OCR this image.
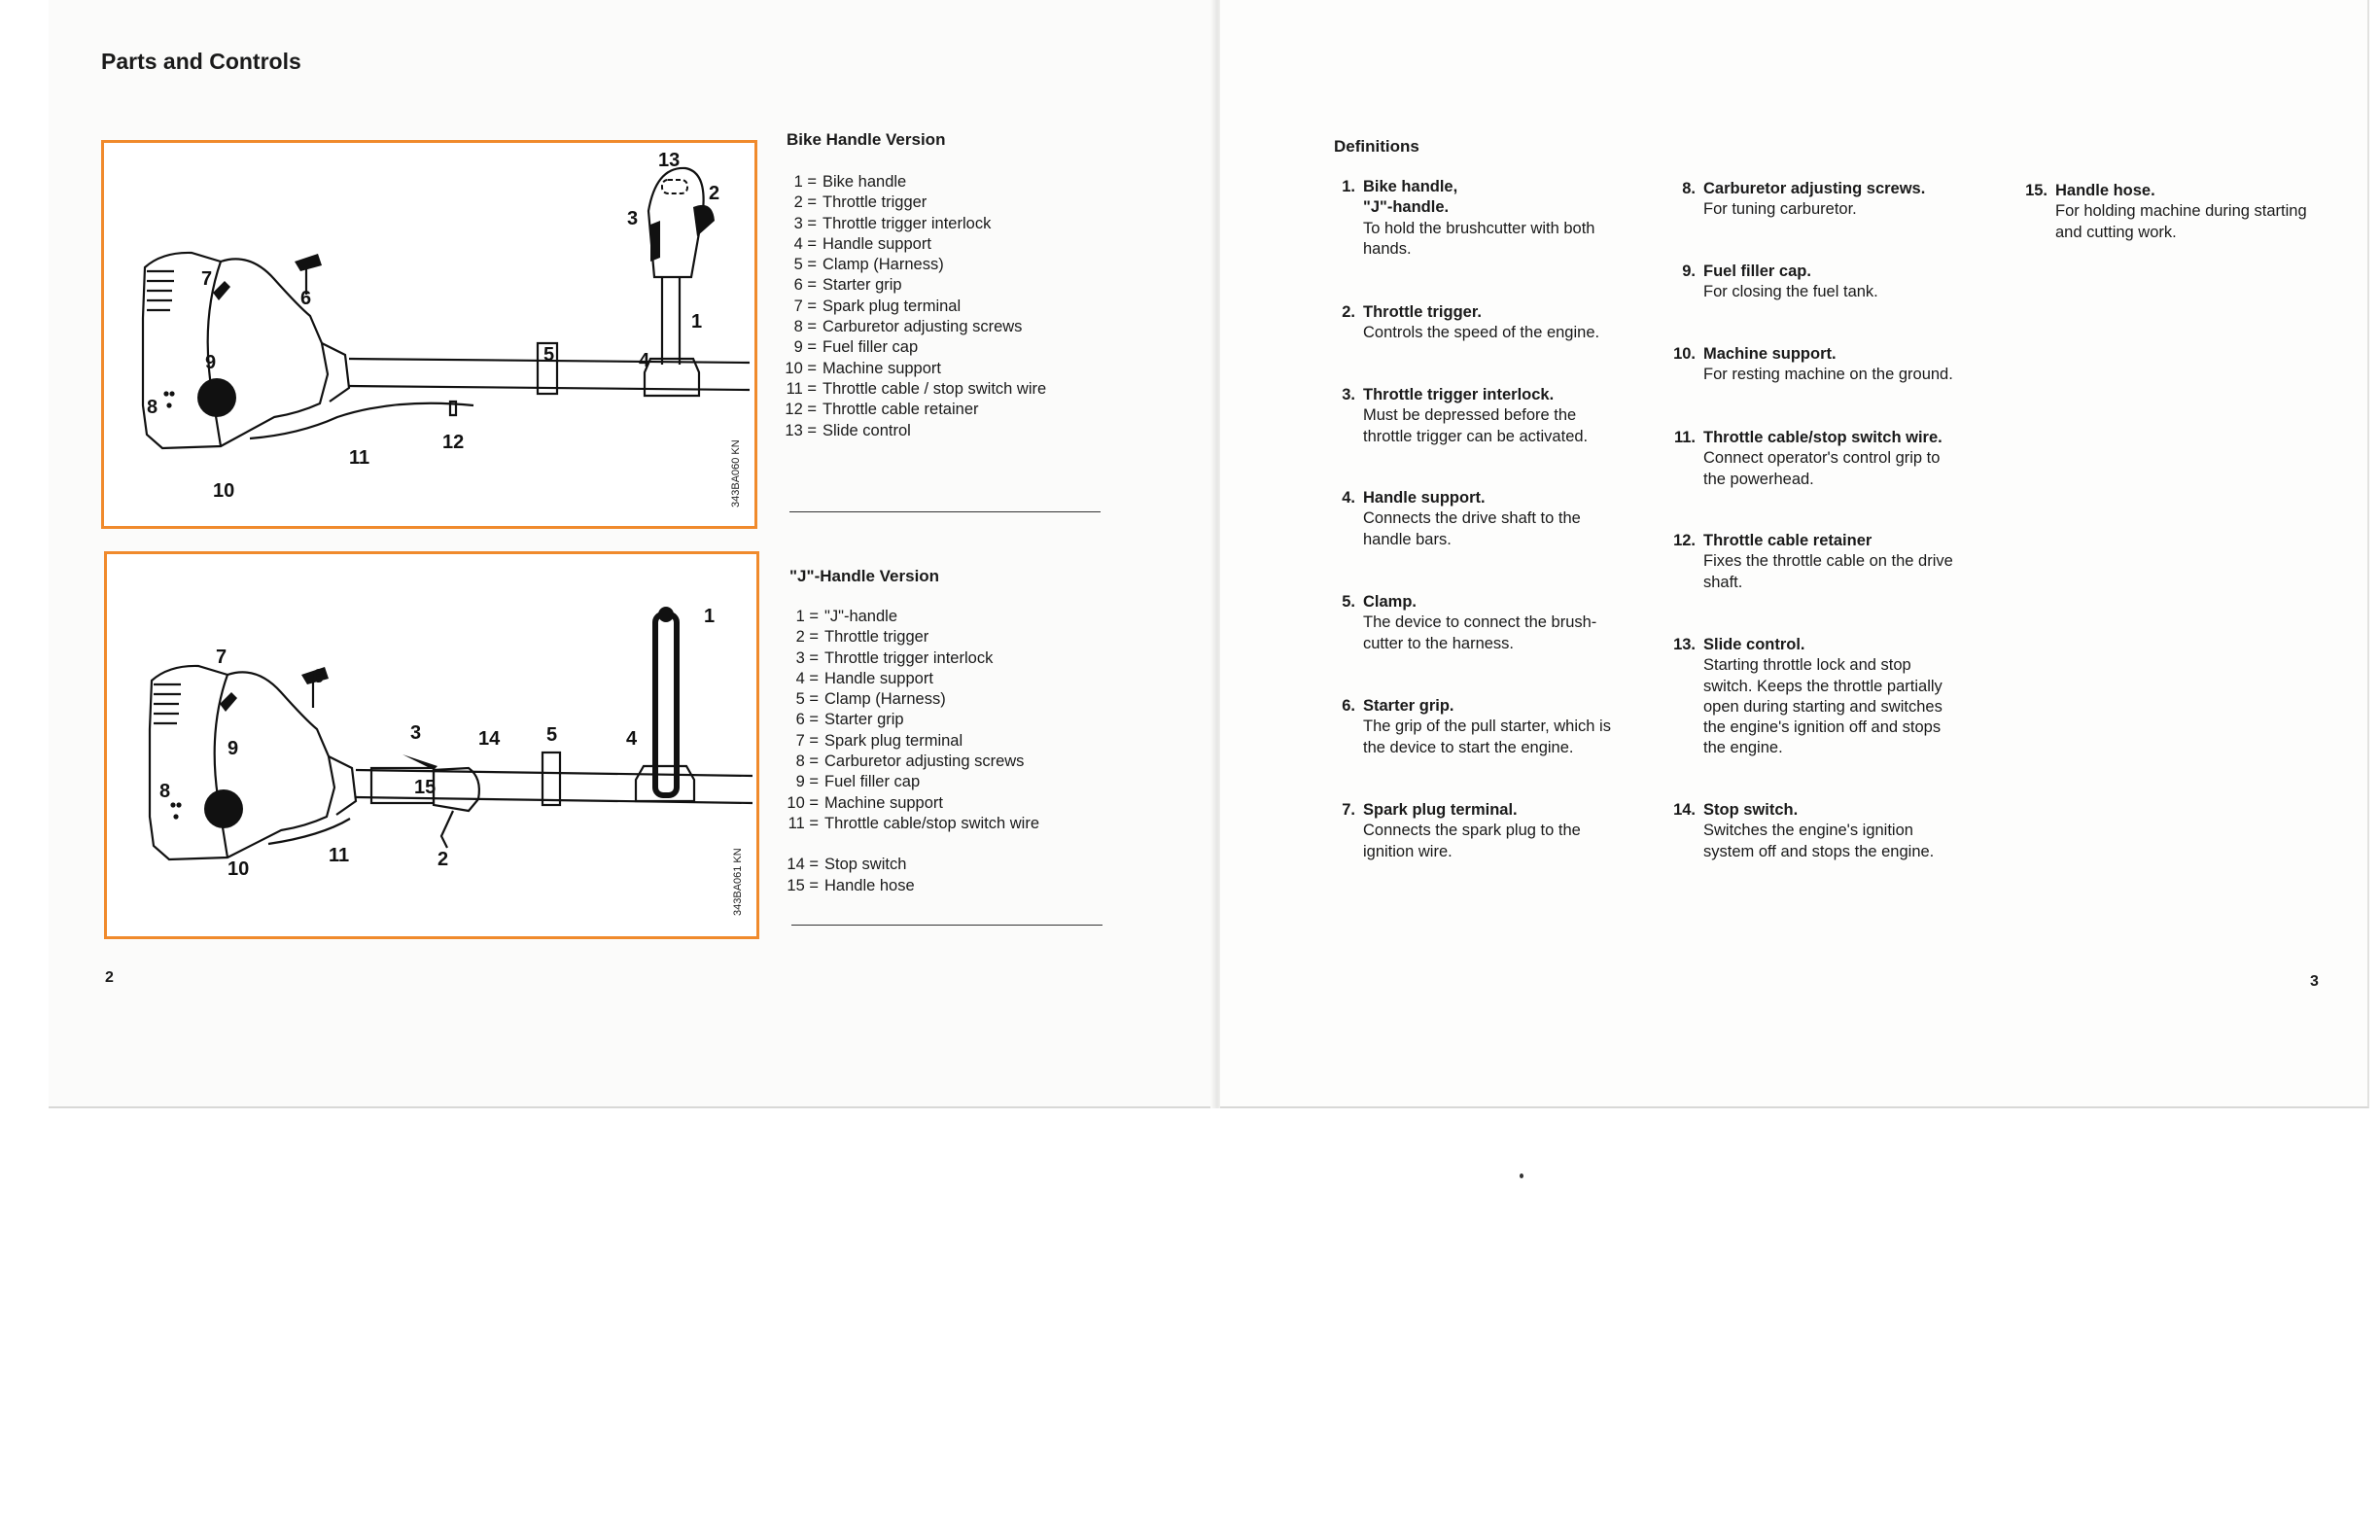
Parts and Controls
13
2
3
1
4
5
7
6
9
8
11
12
10	343BA060 KN
1
4
5
14
3
15
7
6
9
8
2
11
10	343BA061 KN
Bike Handle Version
1 = Bike handle
2 = Throttle trigger
3 = Throttle trigger interlock
4 = Handle support
5 = Clamp (Harness)
6 = Starter grip
7 = Spark plug terminal
8 = Carburetor adjusting screws
9 = Fuel filler cap
10 = Machine support
11 = Throttle cable / stop switch wire
12 = Throttle cable retainer
13 = Slide control
"J"-Handle Version
1 = "J"-handle
2 = Throttle trigger
3 = Throttle trigger interlock
4 = Handle support
5 = Clamp (Harness)
6 = Starter grip
7 = Spark plug terminal
8 = Carburetor adjusting screws
9 = Fuel filler cap
10 = Machine support
11 = Throttle cable/stop switch wire
14 = Stop switch
15 = Handle hose
2
Definitions
1. Bike handle,
"J"-handle.
To hold the brushcutter with both
hands.
2. Throttle trigger.
Controls the speed of the engine.
3. Throttle trigger interlock.
Must be depressed before the
throttle trigger can be activated.
4. Handle support.
Connects the drive shaft to the
handle bars.
5. Clamp.
The device to connect the brush-
cutter to the harness.
6. Starter grip.
The grip of the pull starter, which is
the device to start the engine.
7. Spark plug terminal.
Connects the spark plug to the
ignition wire.
8. Carburetor adjusting screws.
For tuning carburetor.
9. Fuel filler cap.
For closing the fuel tank.
10. Machine support.
For resting machine on the ground.
11. Throttle cable/stop switch wire.
Connect operator's control grip to
the powerhead.
12. Throttle cable retainer
Fixes the throttle cable on the drive
shaft.
13. Slide control.
Starting throttle lock and stop
switch. Keeps the throttle partially
open during starting and switches
the engine's ignition off and stops
the engine.
14. Stop switch.
Switches the engine's ignition
system off and stops the engine.
15. Handle hose.
For holding machine during starting
and cutting work.
3
